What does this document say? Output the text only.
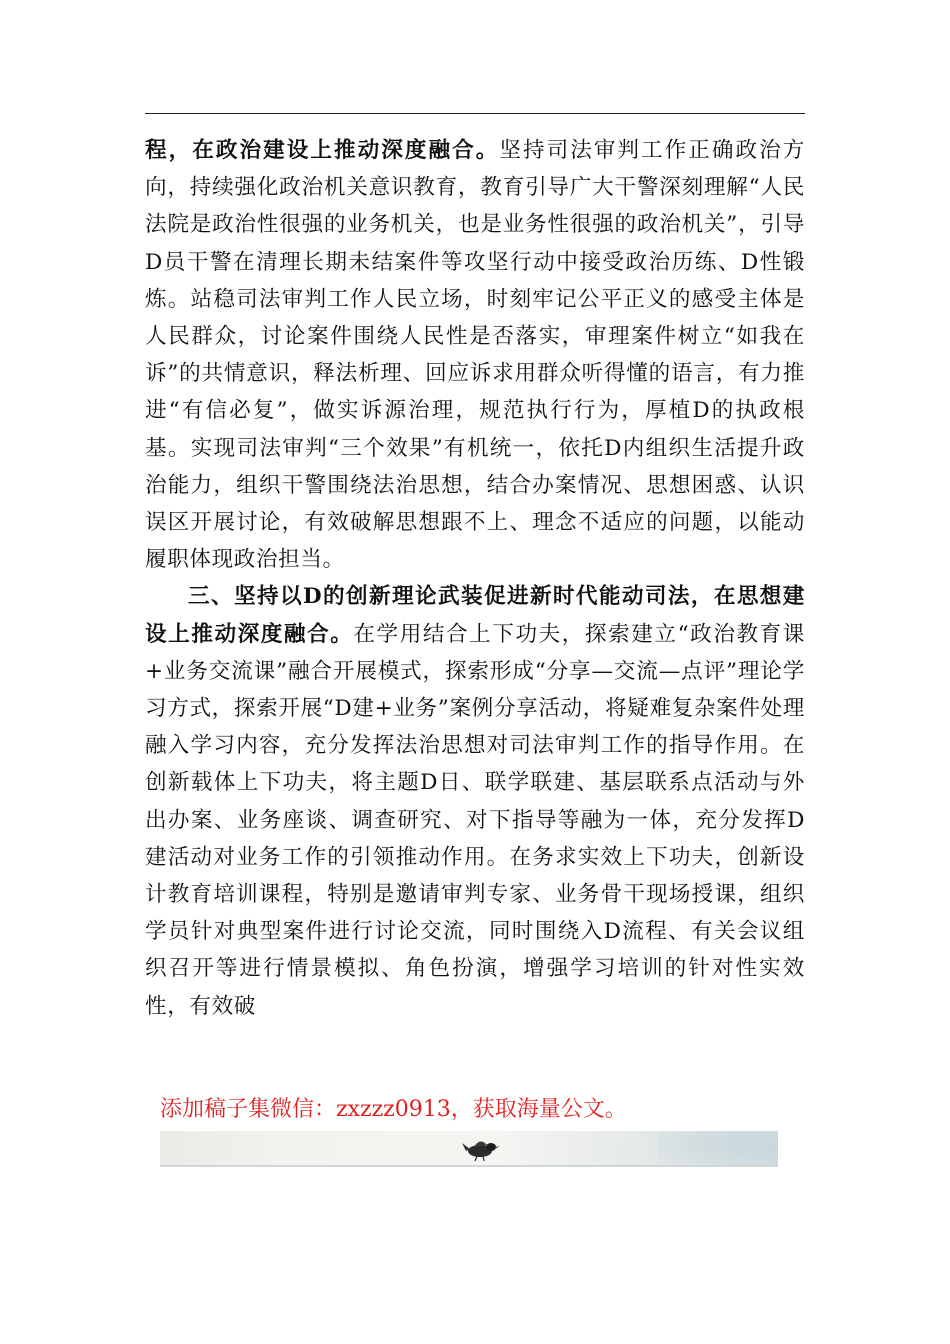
程，在政治建设上推动深度融合。坚持司法审判工作正确政治方向，持续强化政治机关意识教育，教育引导广大干警深刻理解“人民法院是政治性很强的业务机关，也是业务性很强的政治机关”，引导D员干警在清理长期未结案件等攻坚行动中接受政治历练、D性锻炼。站稳司法审判工作人民立场，时刻牢记公平正义的感受主体是人民群众，讨论案件围绕人民性是否落实，审理案件树立“如我在诉”的共情意识，释法析理、回应诉求用群众听得懂的语言，有力推进“有信必复”，做实诉源治理，规范执行行为，厚植D的执政根基。实现司法审判“三个效果”有机统一，依托D内组织生活提升政治能力，组织干警围绕法治思想，结合办案情况、思想困惑、认识误区开展讨论，有效破解思想跟不上、理念不适应的问题，以能动履职体现政治担当。

三、坚持以D的创新理论武装促进新时代能动司法，在思想建设上推动深度融合。在学用结合上下功夫，探索建立“政治教育课+业务交流课”融合开展模式，探索形成“分享—交流—点评”理论学习方式，探索开展“D建+业务”案例分享活动，将疑难复杂案件处理融入学习内容，充分发挥法治思想对司法审判工作的指导作用。在创新载体上下功夫，将主题D日、联学联建、基层联系点活动与外出办案、业务座谈、调查研究、对下指导等融为一体，充分发挥D建活动对业务工作的引领推动作用。在务求实效上下功夫，创新设计教育培训课程，特别是邀请审判专家、业务骨干现场授课，组织学员针对典型案件进行讨论交流，同时围绕入D流程、有关会议组织召开等进行情景模拟、角色扮演，增强学习培训的针对性实效性，有效破

添加稿子集微信：zxzzz0913，获取海量公文。
